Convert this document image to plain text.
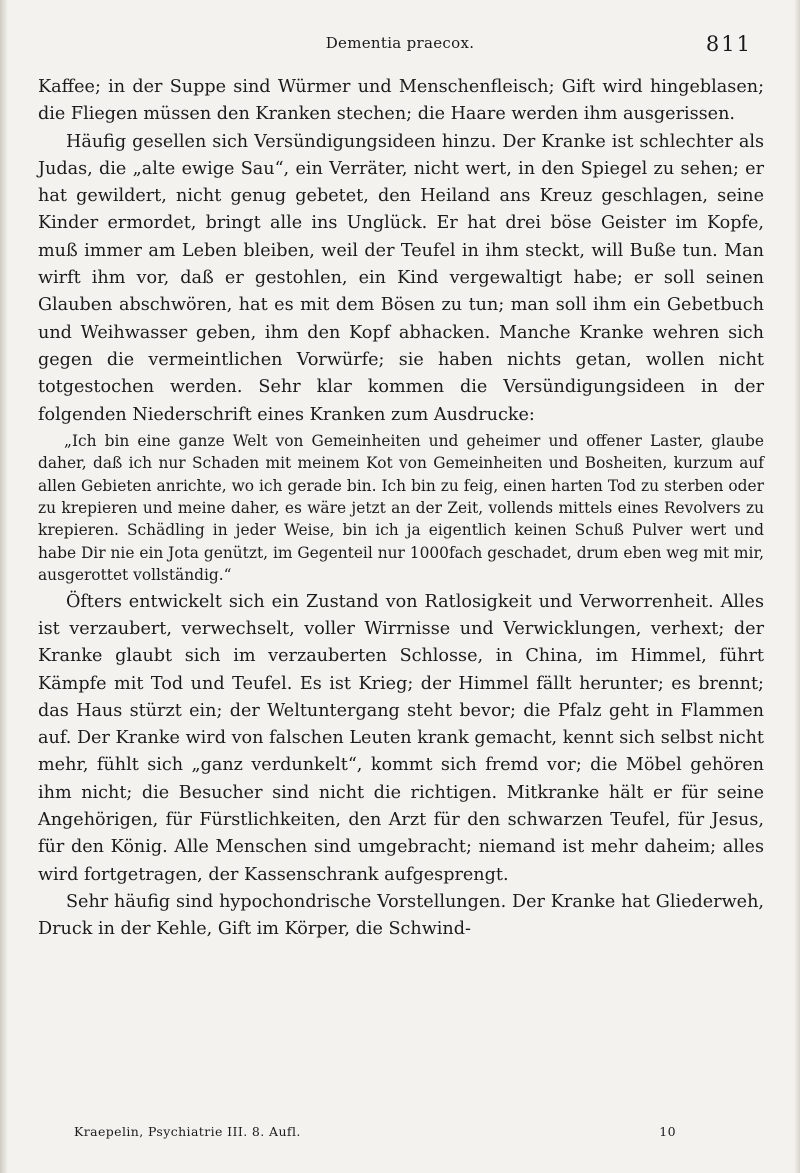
Dementia praecox.	811

Kaffee; in der Suppe sind Würmer und Menschenfleisch; Gift wird hingeblasen; die Fliegen müssen den Kranken stechen; die Haare werden ihm ausgerissen.

Häufig gesellen sich Versündigungsideen hinzu. Der Kranke ist schlechter als Judas, die „alte ewige Sau“, ein Verräter, nicht wert, in den Spiegel zu sehen; er hat gewildert, nicht genug gebetet, den Heiland ans Kreuz geschlagen, seine Kinder ermordet, bringt alle ins Unglück. Er hat drei böse Geister im Kopfe, muß immer am Leben bleiben, weil der Teufel in ihm steckt, will Buße tun. Man wirft ihm vor, daß er gestohlen, ein Kind vergewaltigt habe; er soll seinen Glauben abschwören, hat es mit dem Bösen zu tun; man soll ihm ein Gebetbuch und Weihwasser geben, ihm den Kopf abhacken. Manche Kranke wehren sich gegen die vermeintlichen Vorwürfe; sie haben nichts getan, wollen nicht totgestochen werden. Sehr klar kommen die Versündigungsideen in der folgenden Niederschrift eines Kranken zum Ausdrucke:

„Ich bin eine ganze Welt von Gemeinheiten und geheimer und offener Laster, glaube daher, daß ich nur Schaden mit meinem Kot von Gemeinheiten und Bosheiten, kurzum auf allen Gebieten anrichte, wo ich gerade bin. Ich bin zu feig, einen harten Tod zu sterben oder zu krepieren und meine daher, es wäre jetzt an der Zeit, vollends mittels eines Revolvers zu krepieren. Schädling in jeder Weise, bin ich ja eigentlich keinen Schuß Pulver wert und habe Dir nie ein Jota genützt, im Gegenteil nur 1000fach geschadet, drum eben weg mit mir, ausgerottet vollständig.“

Öfters entwickelt sich ein Zustand von Ratlosigkeit und Verworrenheit. Alles ist verzaubert, verwechselt, voller Wirrnisse und Verwicklungen, verhext; der Kranke glaubt sich im verzauberten Schlosse, in China, im Himmel, führt Kämpfe mit Tod und Teufel. Es ist Krieg; der Himmel fällt herunter; es brennt; das Haus stürzt ein; der Weltuntergang steht bevor; die Pfalz geht in Flammen auf. Der Kranke wird von falschen Leuten krank gemacht, kennt sich selbst nicht mehr, fühlt sich „ganz verdunkelt“, kommt sich fremd vor; die Möbel gehören ihm nicht; die Besucher sind nicht die richtigen. Mitkranke hält er für seine Angehörigen, für Fürstlichkeiten, den Arzt für den schwarzen Teufel, für Jesus, für den König. Alle Menschen sind umgebracht; niemand ist mehr daheim; alles wird fortgetragen, der Kassenschrank aufgesprengt.

Sehr häufig sind hypochondrische Vorstellungen. Der Kranke hat Gliederweh, Druck in der Kehle, Gift im Körper, die Schwind-

Kraepelin, Psychiatrie III. 8. Aufl.	10
